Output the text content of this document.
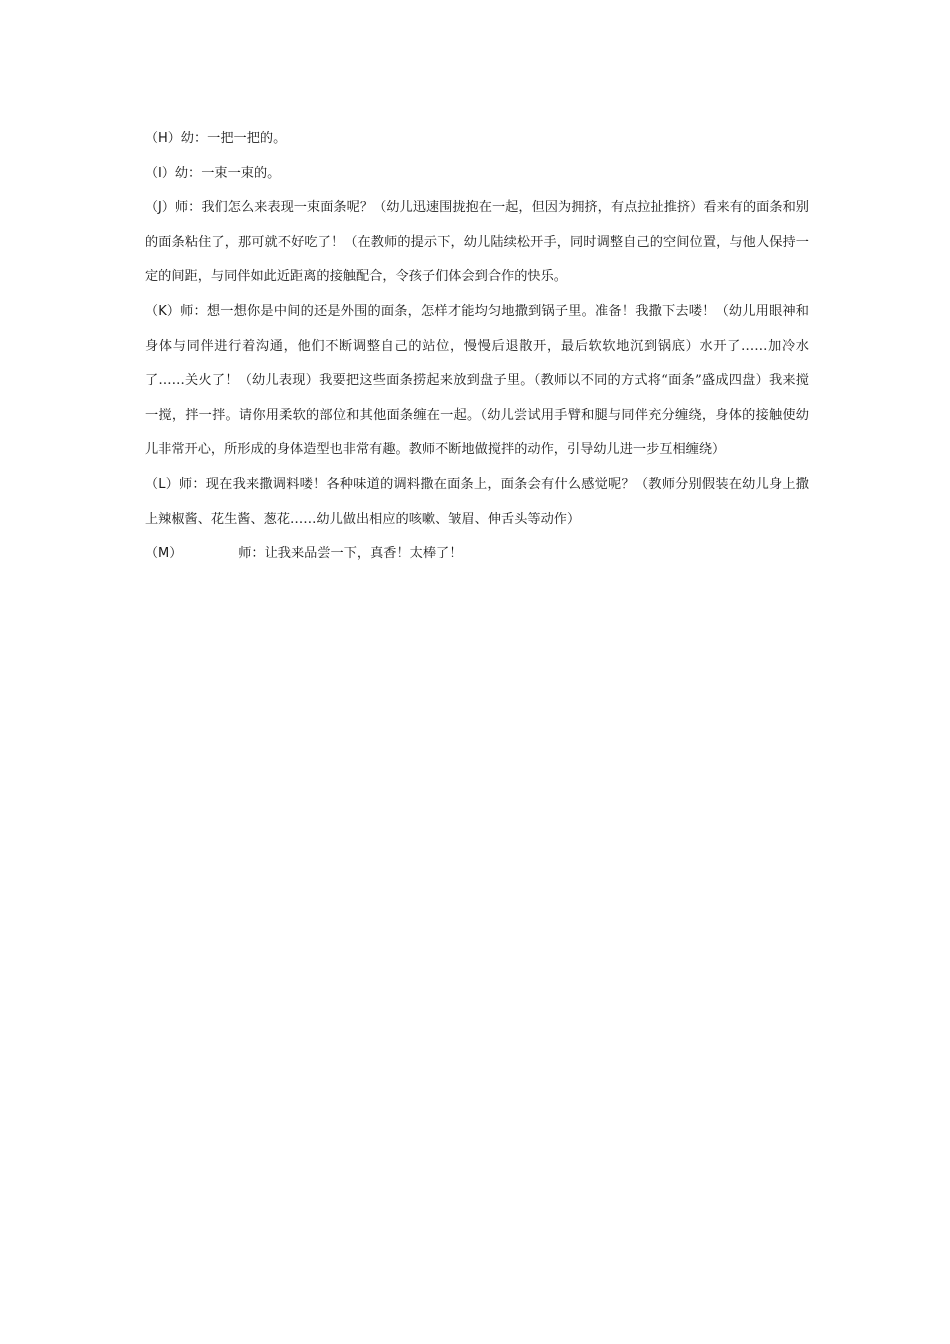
（H）幼：一把一把的。

（I）幼：一束一束的。

（J）师：我们怎么来表现一束面条呢？（幼儿迅速围拢抱在一起，但因为拥挤，有点拉扯推挤）看来有的面条和别的面条粘住了，那可就不好吃了！（在教师的提示下，幼儿陆续松开手，同时调整自己的空间位置，与他人保持一定的间距，与同伴如此近距离的接触配合，令孩子们体会到合作的快乐。

（K）师：想一想你是中间的还是外围的面条，怎样才能均匀地撒到锅子里。准备！我撒下去喽！（幼儿用眼神和身体与同伴进行着沟通，他们不断调整自己的站位，慢慢后退散开，最后软软地沉到锅底）水开了……加冷水了……关火了！（幼儿表现）我要把这些面条捞起来放到盘子里。（教师以不同的方式将“面条”盛成四盘）我来搅一搅，拌一拌。请你用柔软的部位和其他面条缠在一起。（幼儿尝试用手臂和腿与同伴充分缠绕，身体的接触使幼儿非常开心，所形成的身体造型也非常有趣。教师不断地做搅拌的动作，引导幼儿进一步互相缠绕）

（L）师：现在我来撒调料喽！各种味道的调料撒在面条上，面条会有什么感觉呢？（教师分别假装在幼儿身上撒上辣椒酱、花生酱、葱花……幼儿做出相应的咳嗽、皱眉、伸舌头等动作）

（M）	师：让我来品尝一下，真香！太棒了！
